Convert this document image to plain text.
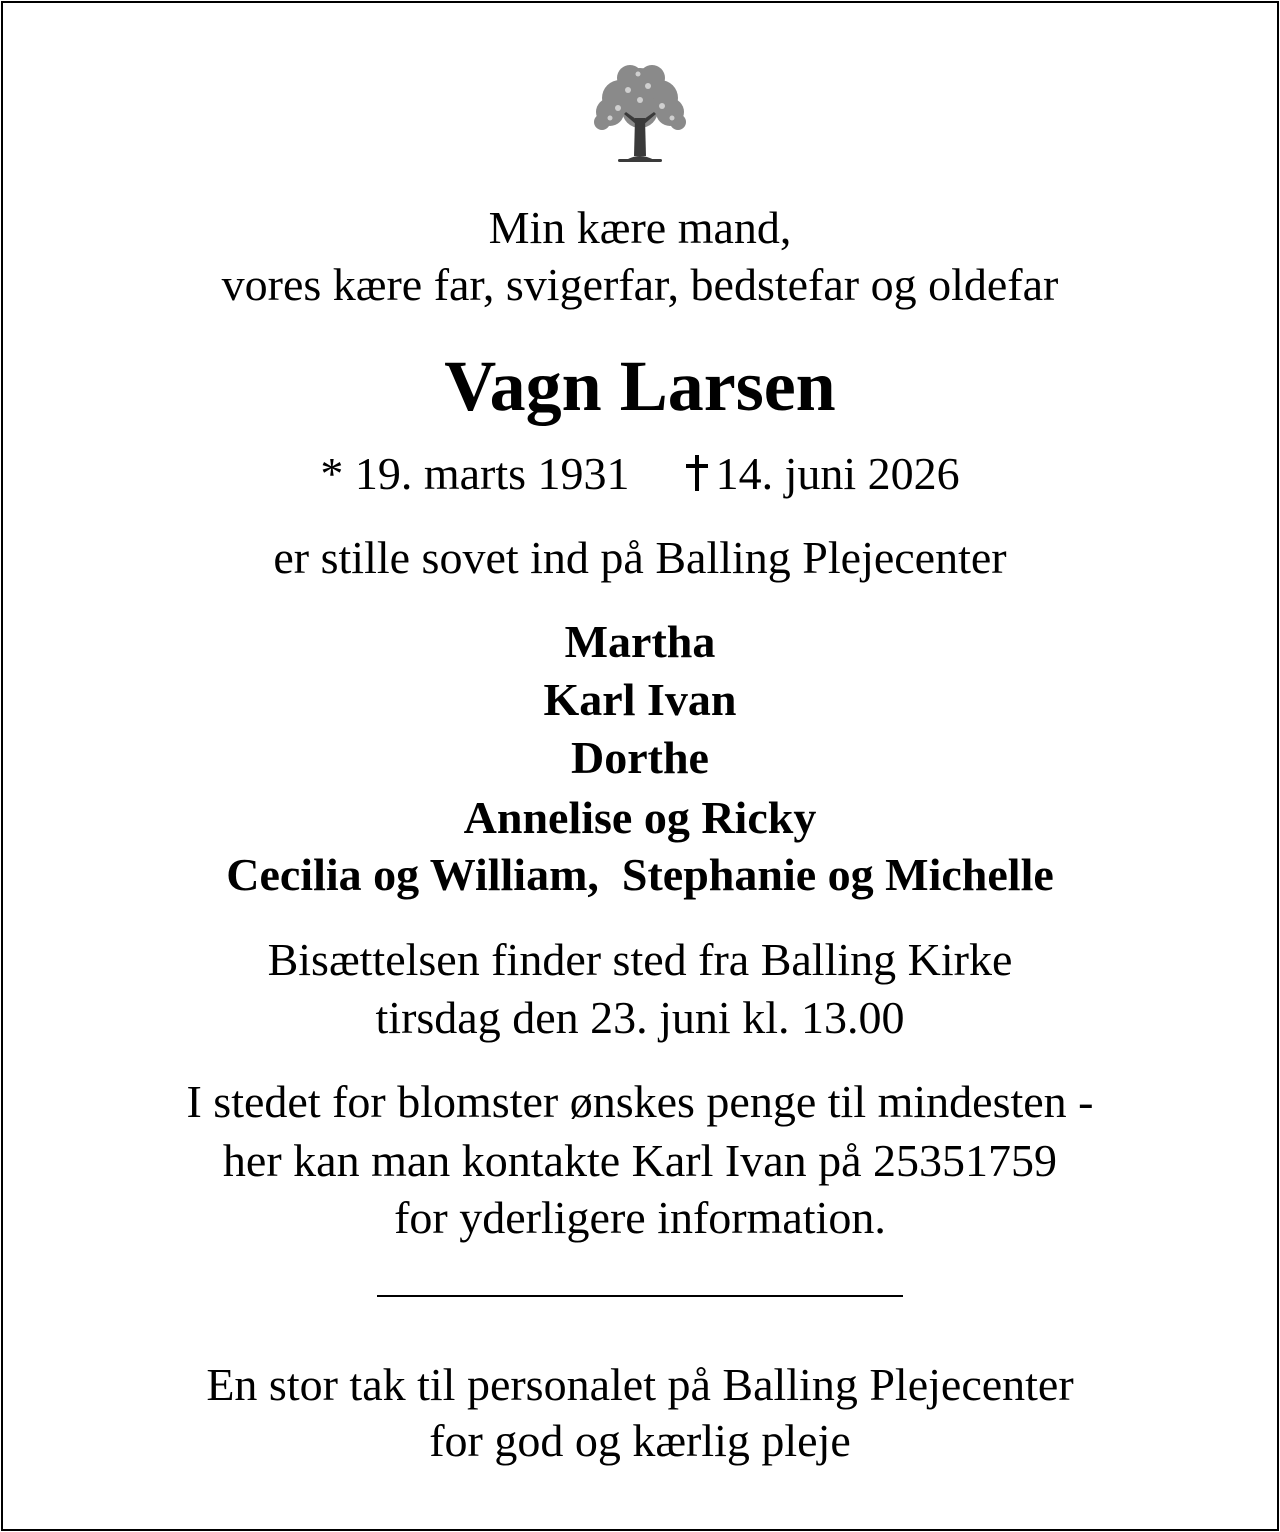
Min kære mand,
vores kære far, svigerfar, bedstefar og oldefar
Vagn Larsen
* 19. marts 1931 14. juni 2026
er stille sovet ind på Balling Plejecenter
Martha
Karl Ivan
Dorthe
Annelise og Ricky
Cecilia og William,  Stephanie og Michelle
Bisættelsen finder sted fra Balling Kirke
tirsdag den 23. juni kl. 13.00
I stedet for blomster ønskes penge til mindesten -
her kan man kontakte Karl Ivan på 25351759
for yderligere information.
En stor tak til personalet på Balling Plejecenter
for god og kærlig pleje
